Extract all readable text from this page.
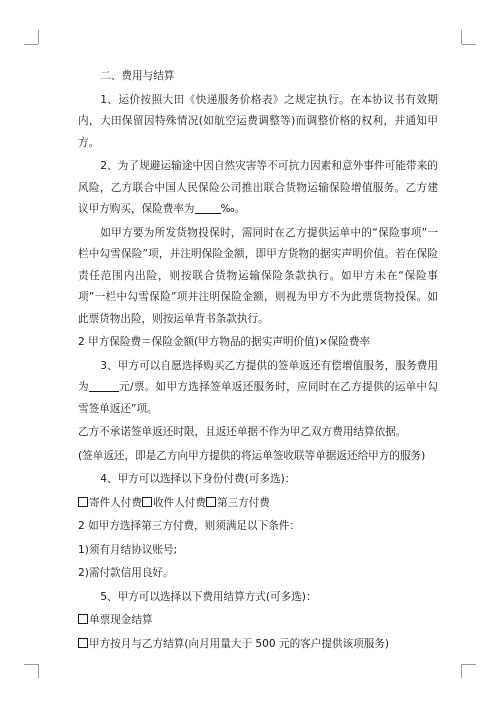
二、费用与结算

1、运价按照大田《快递服务价格表》之规定执行。在本协议书有效期内，大田保留因特殊情况(如航空运费调整等)而调整价格的权利，并通知甲方。

2、为了规避运输途中因自然灾害等不可抗力因素和意外事件可能带来的风险，乙方联合中国人民保险公司推出联合货物运输保险增值服务。乙方建议甲方购买，保险费率为 ‰。

如甲方要为所发货物投保时，需同时在乙方提供运单中的“保险事项”一栏中勾雪保险”项，并注明保险金额，即甲方货物的据实声明价值。若在保险责任范围内出险，则按联合货物运输保险条款执行。如甲方未在“保险事项”一栏中勾雪保险”项并注明保险金额，则视为甲方不为此票货物投保。如此票货物出险，则按运单背书条款执行。

2 甲方保险费＝保险金额(甲方物品的据实声明价值)×保险费率

3、甲方可以自愿选择购买乙方提供的签单返还有偿增值服务，服务费用为	元/票。如甲方选择签单返还服务时，应同时在乙方提供的运单中勾雪签单返还”项。

乙方不承诺签单返还时限，且返还单据不作为甲乙双方费用结算依据。

(签单返还，即是乙方向甲方提供的将运单签收联等单据返还给甲方的服务)

4、甲方可以选择以下身份付费(可多选)：

寄件人付费 收件人付费 第三方付费

2 如甲方选择第三方付费，则须满足以下条件：

1)须有月结协议账号;

2)需付款信用良好。

5、甲方可以选择以下费用结算方式(可多选)：

单票现金结算

甲方按月与乙方结算(向月用量大于 500 元的客户提供该项服务)
